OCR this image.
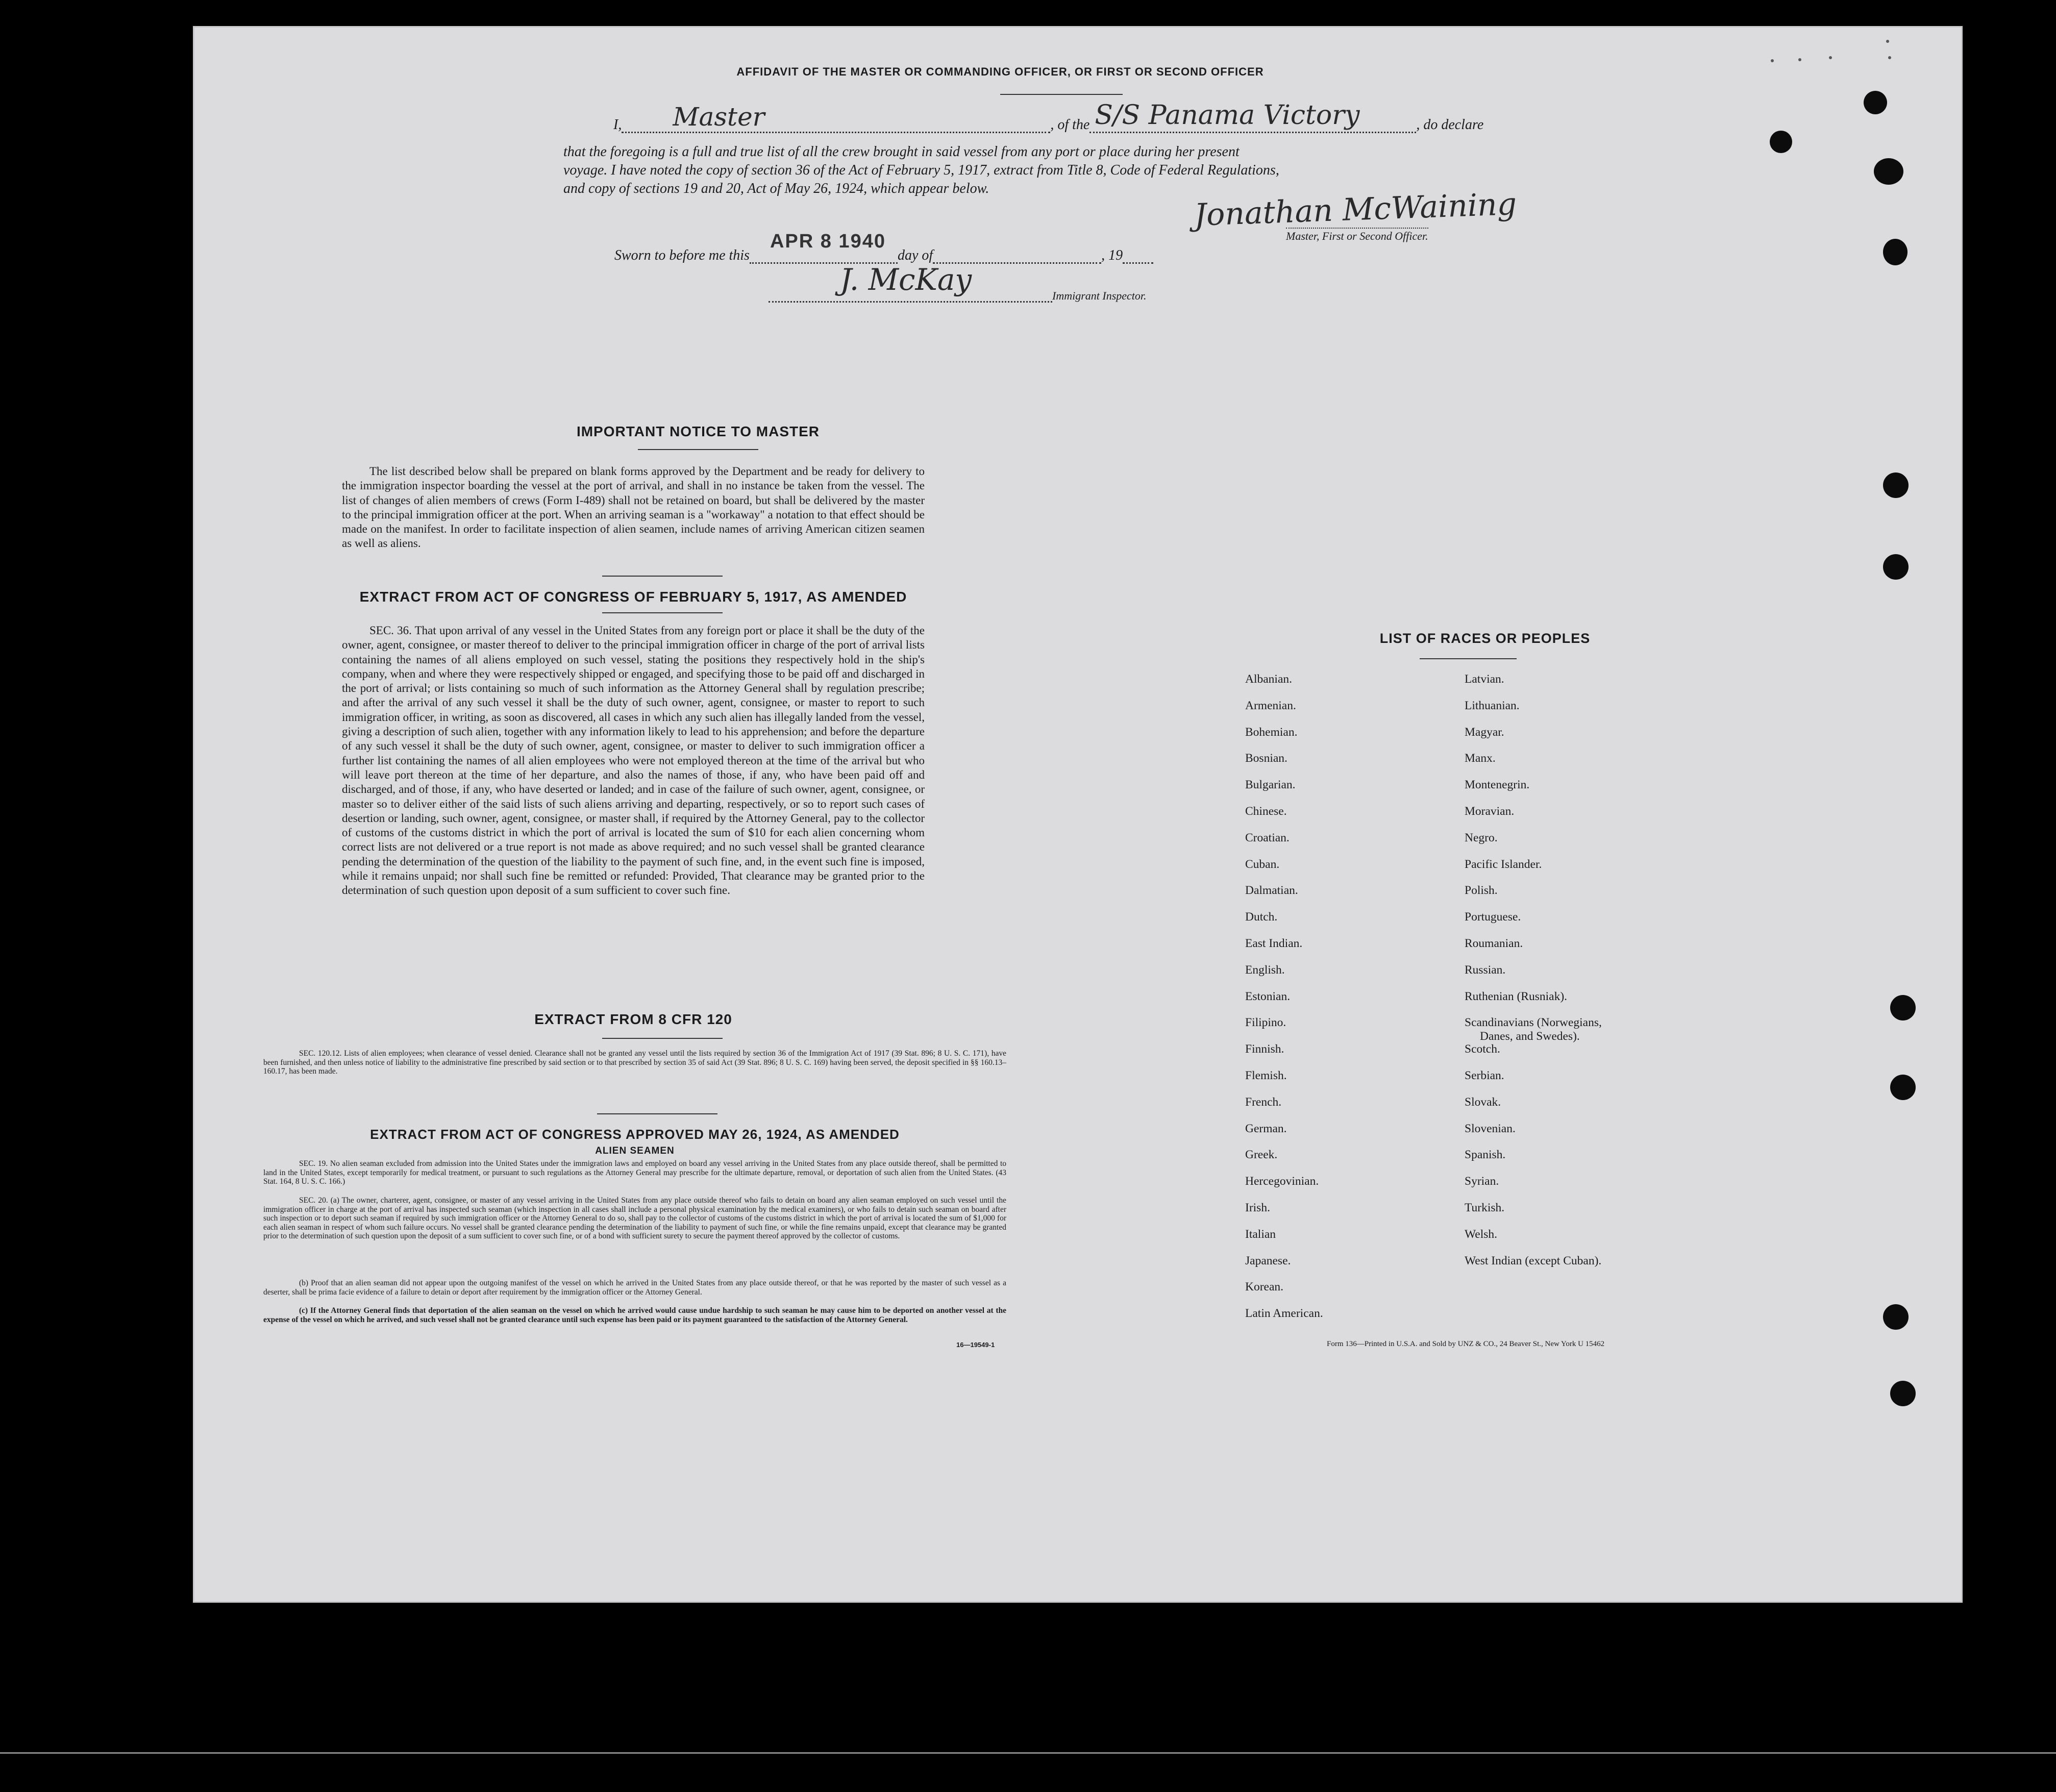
AFFIDAVIT OF THE MASTER OR COMMANDING OFFICER, OR FIRST OR SECOND OFFICER
I, Master	, of the S/S Panama Victory	, do declare
that the foregoing is a full and true list of all the crew brought in said vessel from any port or place during her present
voyage. I have noted the copy of section 36 of the Act of February 5, 1917, extract from Title 8, Code of Federal Regulations,
and copy of sections 19 and 20, Act of May 26, 1924, which appear below.	Jonathan McWaining
Master, First or Second Officer.
Sworn to before me this
APR 8 1940
day of	, 19
J. McKay	Immigrant Inspector.
IMPORTANT NOTICE TO MASTER
The list described below shall be prepared on blank forms approved by the Department and be ready for delivery to the immigration inspector boarding the vessel at the port of arrival, and shall in no instance be taken from the vessel. The list of changes of alien members of crews (Form I-489) shall not be retained on board, but shall be delivered by the master to the principal immigration officer at the port. When an arriving seaman is a "workaway" a notation to that effect should be made on the manifest. In order to facilitate inspection of alien seamen, include names of arriving American citizen seamen as well as aliens.
EXTRACT FROM ACT OF CONGRESS OF FEBRUARY 5, 1917, AS AMENDED
SEC. 36. That upon arrival of any vessel in the United States from any foreign port or place it shall be the duty of the owner, agent, consignee, or master thereof to deliver to the principal immigration officer in charge of the port of arrival lists containing the names of all aliens employed on such vessel, stating the positions they respectively hold in the ship's company, when and where they were respectively shipped or engaged, and specifying those to be paid off and discharged in the port of arrival; or lists containing so much of such information as the Attorney General shall by regulation prescribe; and after the arrival of any such vessel it shall be the duty of such owner, agent, consignee, or master to report to such immigration officer, in writing, as soon as discovered, all cases in which any such alien has illegally landed from the vessel, giving a description of such alien, together with any information likely to lead to his apprehension; and before the departure of any such vessel it shall be the duty of such owner, agent, consignee, or master to deliver to such immigration officer a further list containing the names of all alien employees who were not employed thereon at the time of the arrival but who will leave port thereon at the time of her departure, and also the names of those, if any, who have been paid off and discharged, and of those, if any, who have deserted or landed; and in case of the failure of such owner, agent, consignee, or master so to deliver either of the said lists of such aliens arriving and departing, respectively, or so to report such cases of desertion or landing, such owner, agent, consignee, or master shall, if required by the Attorney General, pay to the collector of customs of the customs district in which the port of arrival is located the sum of $10 for each alien concerning whom correct lists are not delivered or a true report is not made as above required; and no such vessel shall be granted clearance pending the determination of the question of the liability to the payment of such fine, and, in the event such fine is imposed, while it remains unpaid; nor shall such fine be remitted or refunded: Provided, That clearance may be granted prior to the determination of such question upon deposit of a sum sufficient to cover such fine.
EXTRACT FROM 8 CFR 120
SEC. 120.12. Lists of alien employees; when clearance of vessel denied. Clearance shall not be granted any vessel until the lists required by section 36 of the Immigration Act of 1917 (39 Stat. 896; 8 U. S. C. 171), have been furnished, and then unless notice of liability to the administrative fine prescribed by said section or to that prescribed by section 35 of said Act (39 Stat. 896; 8 U. S. C. 169) having been served, the deposit specified in §§ 160.13–160.17, has been made.
EXTRACT FROM ACT OF CONGRESS APPROVED MAY 26, 1924, AS AMENDED
ALIEN SEAMEN
SEC. 19. No alien seaman excluded from admission into the United States under the immigration laws and employed on board any vessel arriving in the United States from any place outside thereof, shall be permitted to land in the United States, except temporarily for medical treatment, or pursuant to such regulations as the Attorney General may prescribe for the ultimate departure, removal, or deportation of such alien from the United States. (43 Stat. 164, 8 U. S. C. 166.)
SEC. 20. (a) The owner, charterer, agent, consignee, or master of any vessel arriving in the United States from any place outside thereof who fails to detain on board any alien seaman employed on such vessel until the immigration officer in charge at the port of arrival has inspected such seaman (which inspection in all cases shall include a personal physical examination by the medical examiners), or who fails to detain such seaman on board after such inspection or to deport such seaman if required by such immigration officer or the Attorney General to do so, shall pay to the collector of customs of the customs district in which the port of arrival is located the sum of $1,000 for each alien seaman in respect of whom such failure occurs. No vessel shall be granted clearance pending the determination of the liability to payment of such fine, or while the fine remains unpaid, except that clearance may be granted prior to the determination of such question upon the deposit of a sum sufficient to cover such fine, or of a bond with sufficient surety to secure the payment thereof approved by the collector of customs.
(b) Proof that an alien seaman did not appear upon the outgoing manifest of the vessel on which he arrived in the United States from any place outside thereof, or that he was reported by the master of such vessel as a deserter, shall be prima facie evidence of a failure to detain or deport after requirement by the immigration officer or the Attorney General.
(c) If the Attorney General finds that deportation of the alien seaman on the vessel on which he arrived would cause undue hardship to such seaman he may cause him to be deported on another vessel at the expense of the vessel on which he arrived, and such vessel shall not be granted clearance until such expense has been paid or its payment guaranteed to the satisfaction of the Attorney General.
16—19549-1
LIST OF RACES OR PEOPLES
Albanian.
Armenian.
Bohemian.
Bosnian.
Bulgarian.
Chinese.
Croatian.
Cuban.
Dalmatian.
Dutch.
East Indian.
English.
Estonian.
Filipino.
Finnish.
Flemish.
French.
German.
Greek.
Hercegovinian.
Irish.
Italian
Japanese.
Korean.
Latin American.
Latvian.
Lithuanian.
Magyar.
Manx.
Montenegrin.
Moravian.
Negro.
Pacific Islander.
Polish.
Portuguese.
Roumanian.
Russian.
Ruthenian (Rusniak).
Scandinavians (Norwegians,
Danes, and Swedes).
Scotch.
Serbian.
Slovak.
Slovenian.
Spanish.
Syrian.
Turkish.
Welsh.
West Indian (except Cuban).
Form 136—Printed in U.S.A. and Sold by UNZ & CO., 24 Beaver St., New York U 15462
